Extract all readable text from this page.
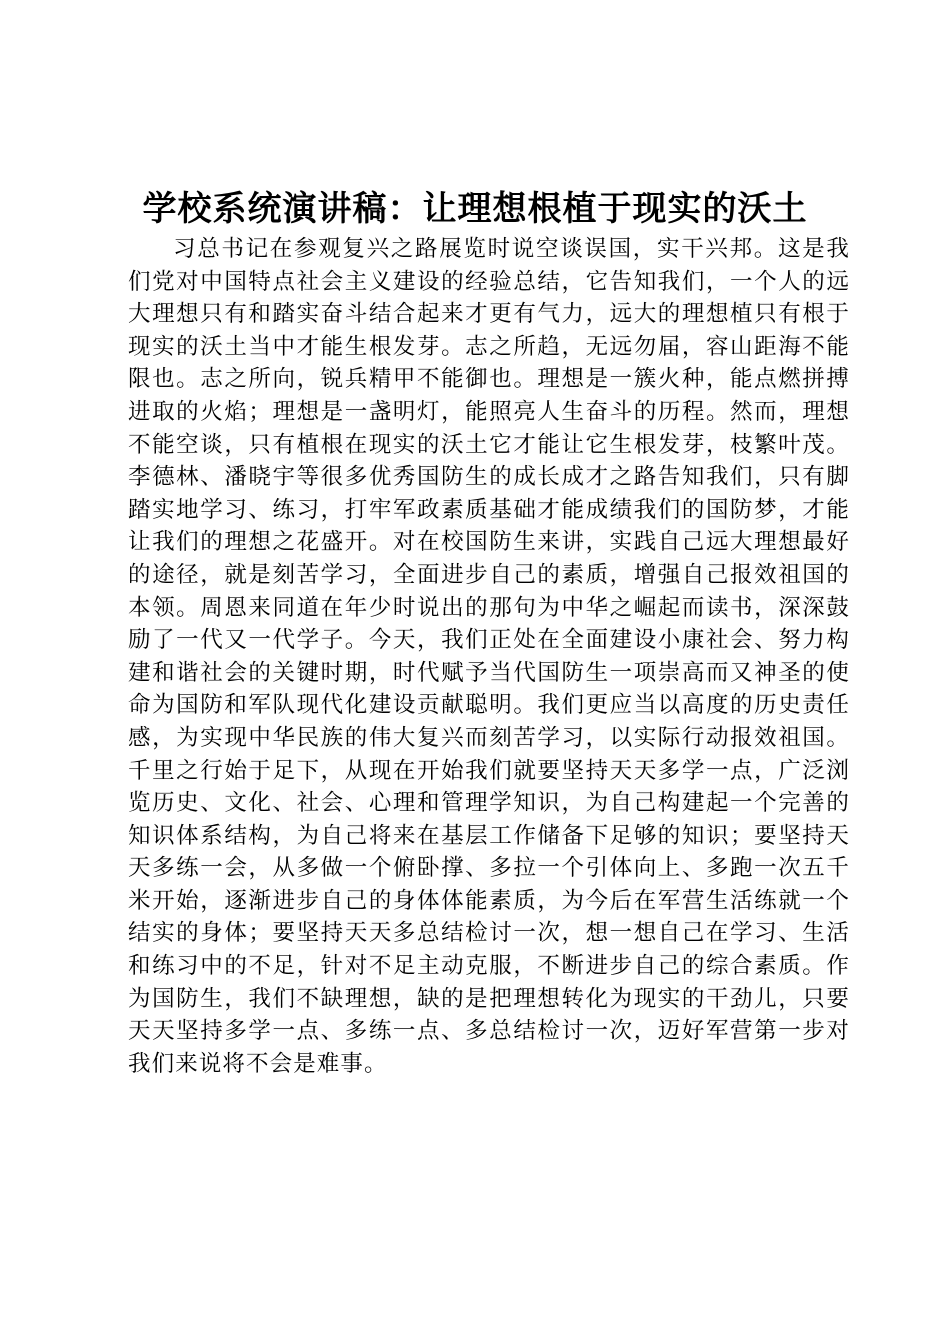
学校系统演讲稿：让理想根植于现实的沃土

习总书记在参观复兴之路展览时说空谈误国，实干兴邦。这是我们党对中国特点社会主义建设的经验总结，它告知我们，一个人的远大理想只有和踏实奋斗结合起来才更有气力，远大的理想植只有根于现实的沃土当中才能生根发芽。志之所趋，无远勿届，容山距海不能限也。志之所向，锐兵精甲不能御也。理想是一簇火种，能点燃拼搏进取的火焰；理想是一盏明灯，能照亮人生奋斗的历程。然而，理想不能空谈，只有植根在现实的沃土它才能让它生根发芽，枝繁叶茂。李德林、潘晓宇等很多优秀国防生的成长成才之路告知我们，只有脚踏实地学习、练习，打牢军政素质基础才能成绩我们的国防梦，才能让我们的理想之花盛开。对在校国防生来讲，实践自己远大理想最好的途径，就是刻苦学习，全面进步自己的素质，增强自己报效祖国的本领。周恩来同道在年少时说出的那句为中华之崛起而读书，深深鼓励了一代又一代学子。今天，我们正处在全面建设小康社会、努力构建和谐社会的关键时期，时代赋予当代国防生一项崇高而又神圣的使命为国防和军队现代化建设贡献聪明。我们更应当以高度的历史责任感，为实现中华民族的伟大复兴而刻苦学习，以实际行动报效祖国。千里之行始于足下，从现在开始我们就要坚持天天多学一点，广泛浏览历史、文化、社会、心理和管理学知识，为自己构建起一个完善的知识体系结构，为自己将来在基层工作储备下足够的知识；要坚持天天多练一会，从多做一个俯卧撑、多拉一个引体向上、多跑一次五千米开始，逐渐进步自己的身体体能素质，为今后在军营生活练就一个结实的身体；要坚持天天多总结检讨一次，想一想自己在学习、生活和练习中的不足，针对不足主动克服，不断进步自己的综合素质。作为国防生，我们不缺理想，缺的是把理想转化为现实的干劲儿，只要天天坚持多学一点、多练一点、多总结检讨一次，迈好军营第一步对我们来说将不会是难事。
